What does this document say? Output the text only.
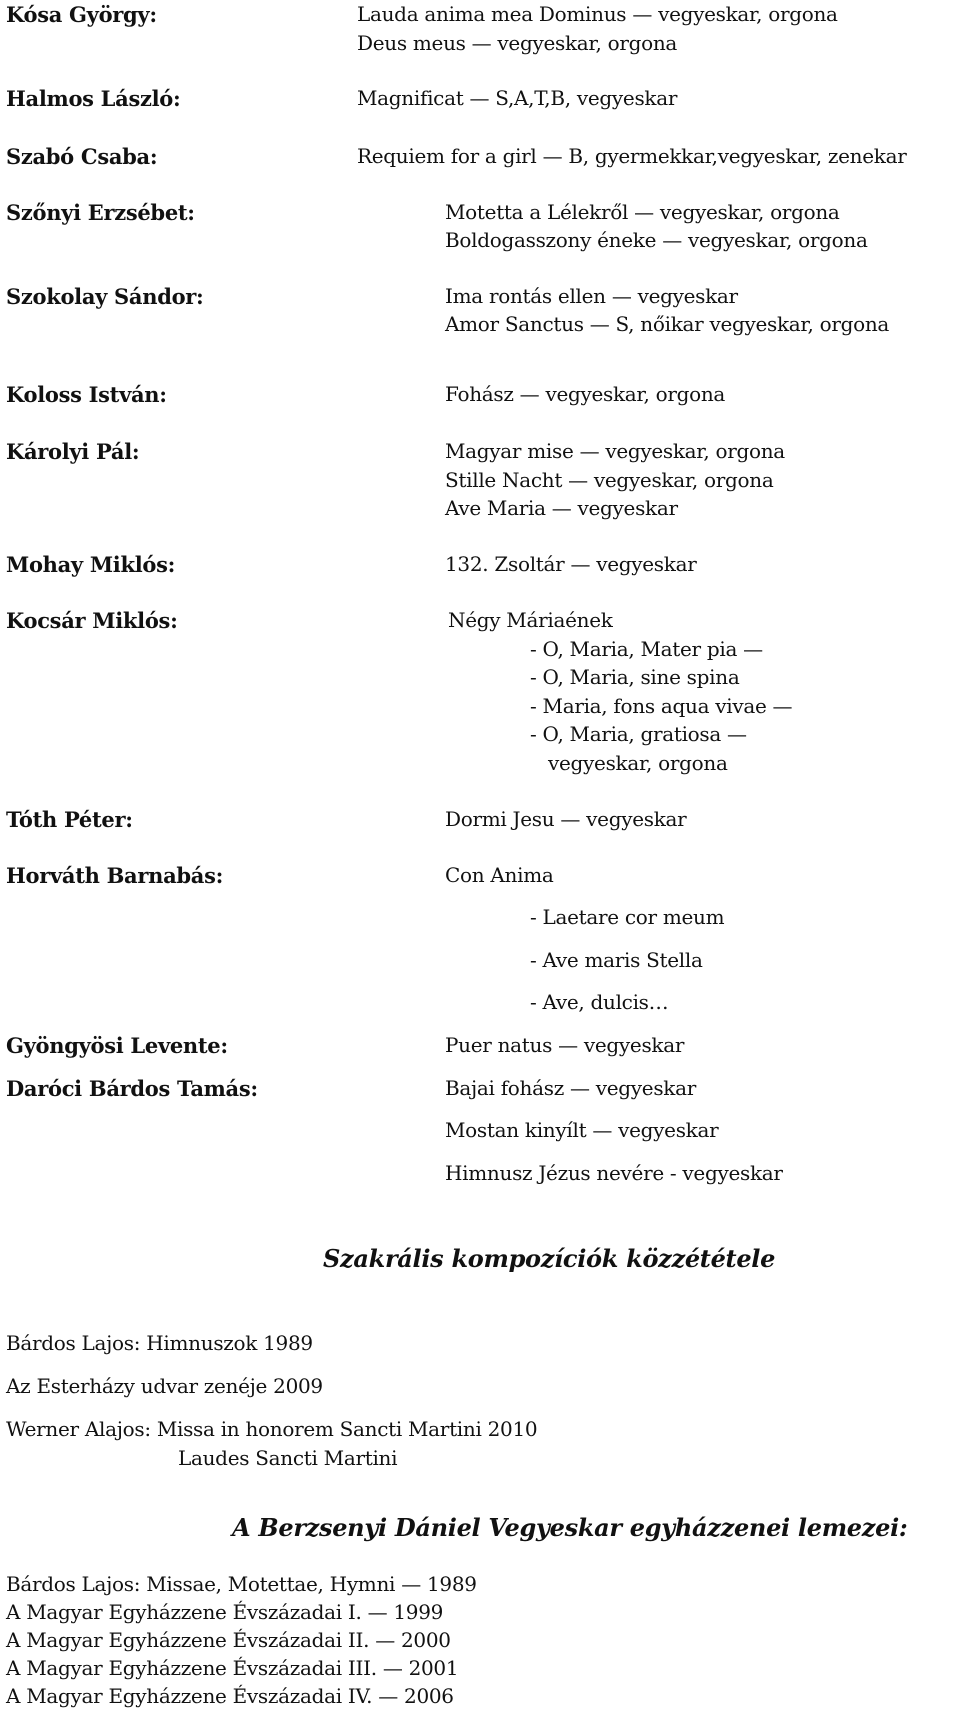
Kósa György:
Halmos László:
Szabó Csaba:
Szőnyi Erzsébet:
Szokolay Sándor:
Koloss István:
Károlyi Pál:
Mohay Miklós:
Kocsár Miklós:
Tóth Péter:
Horváth Barnabás:
Gyöngyösi Levente:
Daróci Bárdos Tamás:
Lauda anima mea Dominus — vegyeskar, orgona
Deus meus — vegyeskar, orgona
Magnificat — S,A,T,B, vegyeskar
Requiem for a girl — B, gyermekkar,vegyeskar, zenekar
Motetta a Lélekről — vegyeskar, orgona
Boldogasszony éneke — vegyeskar, orgona
Ima rontás ellen — vegyeskar
Amor Sanctus — S, nőikar vegyeskar, orgona
Fohász — vegyeskar, orgona
Magyar mise — vegyeskar, orgona
Stille Nacht — vegyeskar, orgona
Ave Maria — vegyeskar
132. Zsoltár — vegyeskar
Négy Máriaének
- O, Maria, Mater pia —
- O, Maria, sine spina
- Maria, fons aqua vivae —
- O, Maria, gratiosa —
vegyeskar, orgona
Dormi Jesu — vegyeskar
Con Anima
- Laetare cor meum
- Ave maris Stella
- Ave, dulcis…
Puer natus — vegyeskar
Bajai fohász — vegyeskar
Mostan kinyílt — vegyeskar
Himnusz Jézus nevére - vegyeskar
Szakrális kompozíciók közzététele
Bárdos Lajos: Himnuszok 1989
Az Esterházy udvar zenéje 2009
Werner Alajos: Missa in honorem Sancti Martini 2010
Laudes Sancti Martini
A Berzsenyi Dániel Vegyeskar egyházzenei lemezei:
Bárdos Lajos: Missae, Motettae, Hymni — 1989
A Magyar Egyházzene Évszázadai I. — 1999
A Magyar Egyházzene Évszázadai II. — 2000
A Magyar Egyházzene Évszázadai III. — 2001
A Magyar Egyházzene Évszázadai IV. — 2006
